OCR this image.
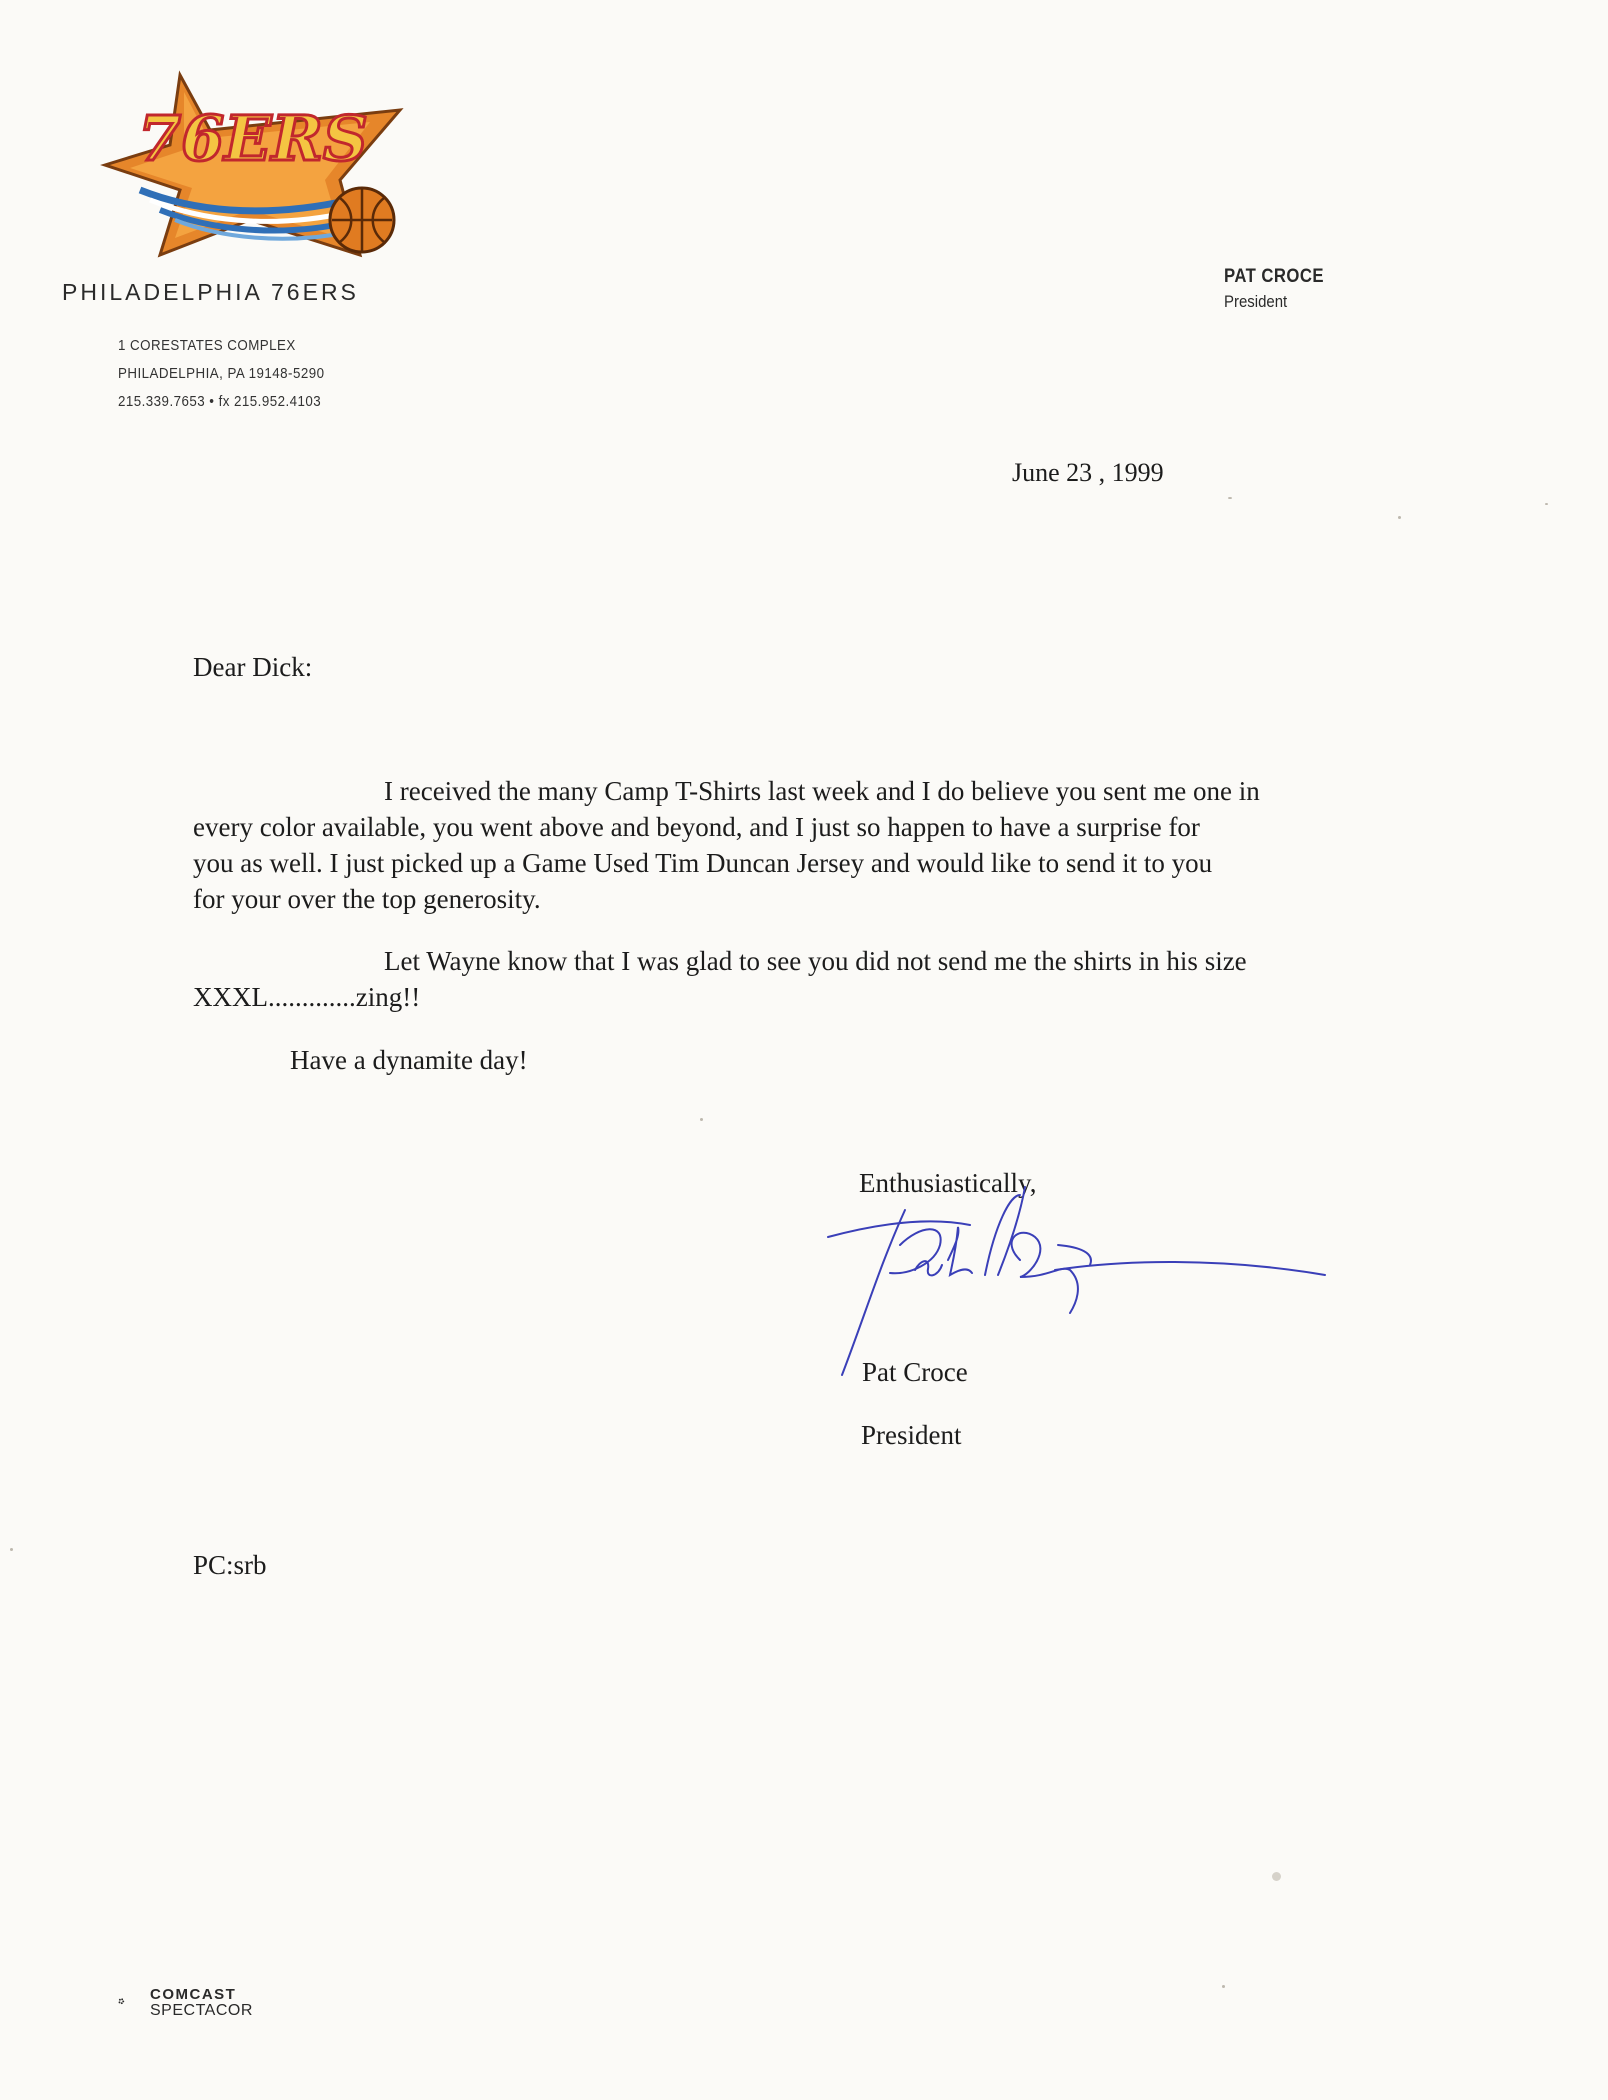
76ERS
PHILADELPHIA 76ERS
1 CORESTATES COMPLEX
PHILADELPHIA, PA 19148-5290
215.339.7653 • fx 215.952.4103
PAT CROCE
President
June 23 , 1999
Dear Dick:
I received the many Camp T-Shirts last week and I do believe you sent me one in
every color available, you went above and beyond, and I just so happen to have a surprise for
you as well. I just picked up a Game Used Tim Duncan Jersey and would like to send it to you
for your over the top generosity.
Let Wayne know that I was glad to see you did not send me the shirts in his size
XXXL.............zing!!
Have a dynamite day!
Enthusiastically,
Pat Croce
President
PC:srb
COMCAST
SPECTACOR
